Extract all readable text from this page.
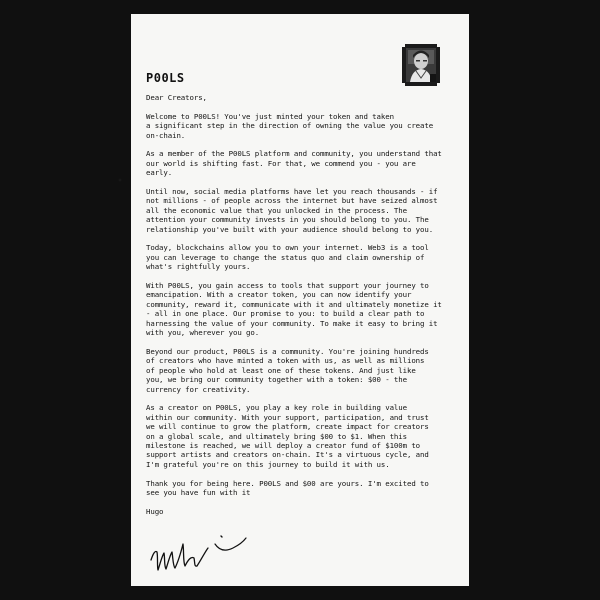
P00LS
Dear Creators,
Welcome to P00LS! You've just minted your token and taken
a significant step in the direction of owning the value you create
on-chain.
As a member of the P00LS platform and community, you understand that
our world is shifting fast. For that, we commend you - you are
early.
Until now, social media platforms have let you reach thousands - if
not millions - of people across the internet but have seized almost
all the economic value that you unlocked in the process. The
attention your community invests in you should belong to you. The
relationship you've built with your audience should belong to you.
Today, blockchains allow you to own your internet. Web3 is a tool
you can leverage to change the status quo and claim ownership of
what's rightfully yours.
With P00LS, you gain access to tools that support your journey to
emancipation. With a creator token, you can now identify your
community, reward it, communicate with it and ultimately monetize it
- all in one place. Our promise to you: to build a clear path to
harnessing the value of your community. To make it easy to bring it
with you, wherever you go.
Beyond our product, P00LS is a community. You're joining hundreds
of creators who have minted a token with us, as well as millions
of people who hold at least one of these tokens. And just like
you, we bring our community together with a token: $00 - the
currency for creativity.
As a creator on P00LS, you play a key role in building value
within our community. With your support, participation, and trust
we will continue to grow the platform, create impact for creators
on a global scale, and ultimately bring $00 to $1. When this
milestone is reached, we will deploy a creator fund of $100m to
support artists and creators on-chain. It's a virtuous cycle, and
I'm grateful you're on this journey to build it with us.
Thank you for being here. P00LS and $00 are yours. I'm excited to
see you have fun with it
Hugo
